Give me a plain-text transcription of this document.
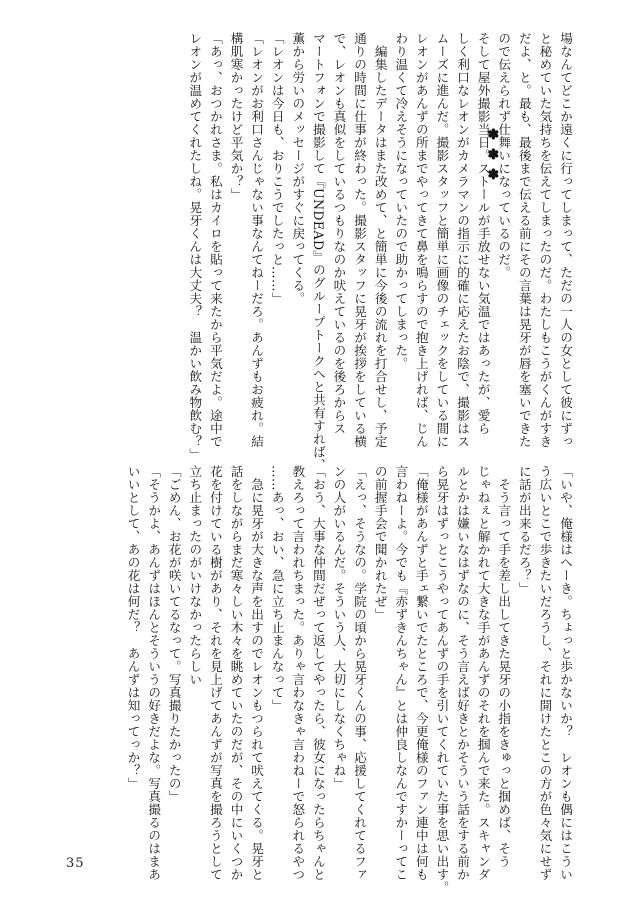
場なんてどこか遠くに行ってしまって、ただの一人の女として彼にずっ

と秘めていた気持ちを伝えてしまったのだ。わたしもこうがくんがすき

だよ、と。最も、最後まで伝える前にその言葉は晃牙が唇を塞いできた

ので伝えられず仕舞いになっているのだ。

✽
✽
✽

そして屋外撮影当日。ストールが手放せない気温ではあったが、愛ら

しく利口なレオンがカメラマンの指示に的確に応えたお陰で、撮影はス

ムーズに進んだ。撮影スタッフと簡単に画像のチェックをしている間に

レオンがあんずの所までやってきて鼻を鳴らすので抱き上げれば、じん

わり温くて冷えそうになっていたので助かってしまった。

　編集したデータはまた改めて、と簡単に今後の流れを打合せし、予定

通りの時間に仕事が終わった。撮影スタッフに晃牙が挨拶をしている横

で、レオンも真似をしているつもりなのか吠えているのを後ろからス

マートフォンで撮影して『UNDEAD』のグループトークへと共有すれば、

薫から労いのメッセージがすぐに戻ってくる。

「レオンは今日も、おりこうでしたっと……」

「レオンがお利口さんじゃない事なんてねーだろ。あんずもお疲れ。結

構肌寒かったけど平気か？」

「あっ、おつかれさま。私はカイロを貼って来たから平気だよ。途中で

レオンが温めてくれたしね。晃牙くんは大丈夫？　温かい飲み物飲む？」

「いや、俺様はへーき。ちょっと歩かないか？　レオンも偶にはこうい

う広いとこで歩きたいだろうし、それに開けたとこの方が色々気にせず

に話が出来るだろ？」

　そう言って手を差し出してきた晃牙の小指をきゅっと掴めば、そう

じゃねぇと解かれて大きな手があんずのそれを掴んで来た。スキャンダ

ルとかは嫌いなはずなのに、そう言えば好きとかそういう話をする前か

ら晃牙はずっとこうやってあんずの手を引いてくれていた事を思い出す。

「俺様があんずと手ェ繋いでたところで、今更俺様のファン連中は何も

言わねーよ。今でも『赤ずきんちゃん』とは仲良しなんですかーってこ

の前握手会で聞かれたぜ」

「えっ、そうなの。学院の頃から晃牙くんの事、応援してくれてるファ

ンの人がいるんだ。そういう人、大切にしなくちゃね」

「おう、大事な仲間だぜって返してやったら、彼女になったらちゃんと

教えろって言われちまった。ありゃ言わなきゃ言わねーで怒られるやつ

……あっ、おい、急に立ち止まんなって」

　急に晃牙が大きな声を出すのでレオンもつられて吠えてくる。晃牙と

話をしながらまだ寒々しい木々を眺めていたのだが、その中にいくつか

花を付けている樹があり、それを見上げてあんずが写真を撮ろうとして

立ち止まったのがいけなかったらしい

「ごめん、お花が咲いてるなって。写真撮りたかったの」

「そうかよ、あんずはほんとそういうの好きだよな。写真撮るのはまあ

いいとして、あの花は何だ？　あんずは知ってっか？」

35
